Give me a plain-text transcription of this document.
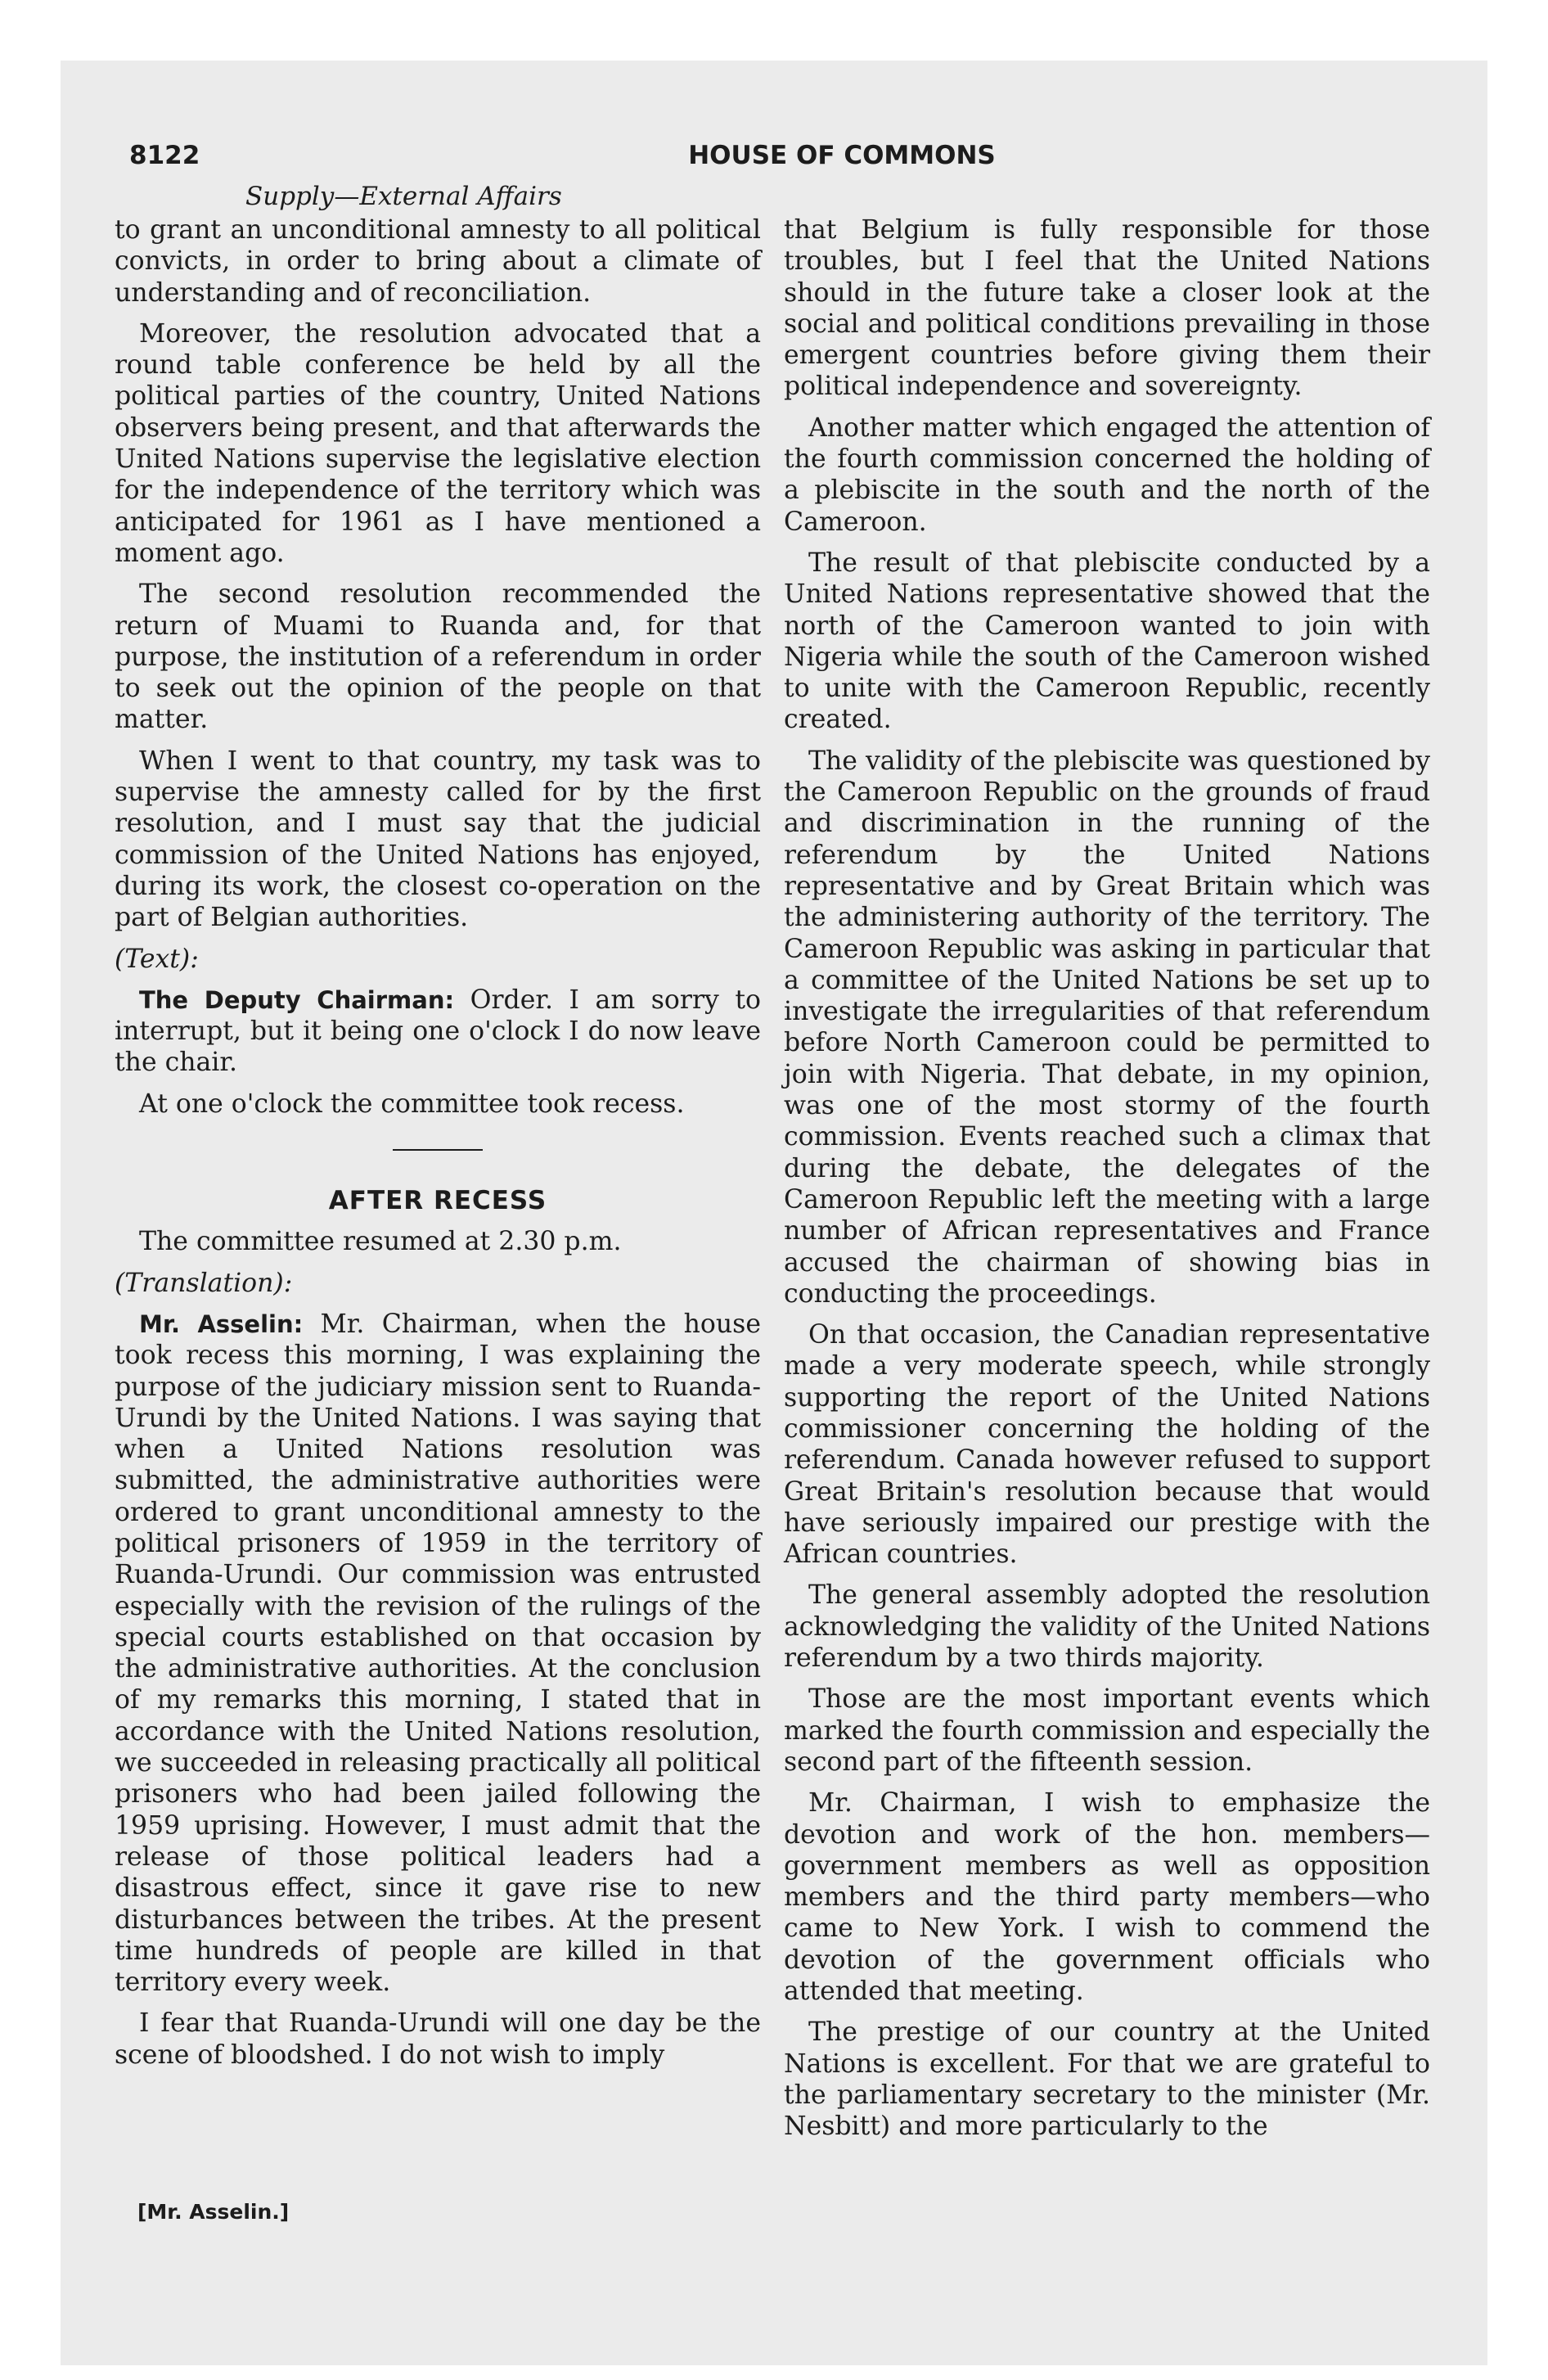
8122	HOUSE OF COMMONS
Supply—External Affairs

to grant an unconditional amnesty to all political convicts, in order to bring about a climate of understanding and of reconciliation.

Moreover, the resolution advocated that a round table conference be held by all the political parties of the country, United Nations observers being present, and that afterwards the United Nations supervise the legislative election for the independence of the territory which was anticipated for 1961 as I have mentioned a moment ago.

The second resolution recommended the return of Muami to Ruanda and, for that purpose, the institution of a referendum in order to seek out the opinion of the people on that matter.

When I went to that country, my task was to supervise the amnesty called for by the first resolution, and I must say that the judicial commission of the United Nations has enjoyed, during its work, the closest co-operation on the part of Belgian authorities.

(Text):

The Deputy Chairman: Order. I am sorry to interrupt, but it being one o'clock I do now leave the chair.

At one o'clock the committee took recess.

AFTER RECESS

The committee resumed at 2.30 p.m.

(Translation):

Mr. Asselin: Mr. Chairman, when the house took recess this morning, I was explaining the purpose of the judiciary mission sent to Ruanda-Urundi by the United Nations. I was saying that when a United Nations resolution was submitted, the administrative authorities were ordered to grant unconditional amnesty to the political prisoners of 1959 in the territory of Ruanda-Urundi. Our commission was entrusted especially with the revision of the rulings of the special courts established on that occasion by the administrative authorities. At the conclusion of my remarks this morning, I stated that in accordance with the United Nations resolution, we succeeded in releasing practically all political prisoners who had been jailed following the 1959 uprising. However, I must admit that the release of those political leaders had a disastrous effect, since it gave rise to new disturbances between the tribes. At the present time hundreds of people are killed in that territory every week.

I fear that Ruanda-Urundi will one day be the scene of bloodshed. I do not wish to imply

that Belgium is fully responsible for those troubles, but I feel that the United Nations should in the future take a closer look at the social and political conditions prevailing in those emergent countries before giving them their political independence and sovereignty.

Another matter which engaged the attention of the fourth commission concerned the holding of a plebiscite in the south and the north of the Cameroon.

The result of that plebiscite conducted by a United Nations representative showed that the north of the Cameroon wanted to join with Nigeria while the south of the Cameroon wished to unite with the Cameroon Republic, recently created.

The validity of the plebiscite was questioned by the Cameroon Republic on the grounds of fraud and discrimination in the running of the referendum by the United Nations representative and by Great Britain which was the administering authority of the territory. The Cameroon Republic was asking in particular that a committee of the United Nations be set up to investigate the irregularities of that referendum before North Cameroon could be permitted to join with Nigeria. That debate, in my opinion, was one of the most stormy of the fourth commission. Events reached such a climax that during the debate, the delegates of the Cameroon Republic left the meeting with a large number of African representatives and France accused the chairman of showing bias in conducting the proceedings.

On that occasion, the Canadian representative made a very moderate speech, while strongly supporting the report of the United Nations commissioner concerning the holding of the referendum. Canada however refused to support Great Britain's resolution because that would have seriously impaired our prestige with the African countries.

The general assembly adopted the resolution acknowledging the validity of the United Nations referendum by a two thirds majority.

Those are the most important events which marked the fourth commission and especially the second part of the fifteenth session.

Mr. Chairman, I wish to emphasize the devotion and work of the hon. members—government members as well as opposition members and the third party members—who came to New York. I wish to commend the devotion of the government officials who attended that meeting.

The prestige of our country at the United Nations is excellent. For that we are grateful to the parliamentary secretary to the minister (Mr. Nesbitt) and more particularly to the

[Mr. Asselin.]
